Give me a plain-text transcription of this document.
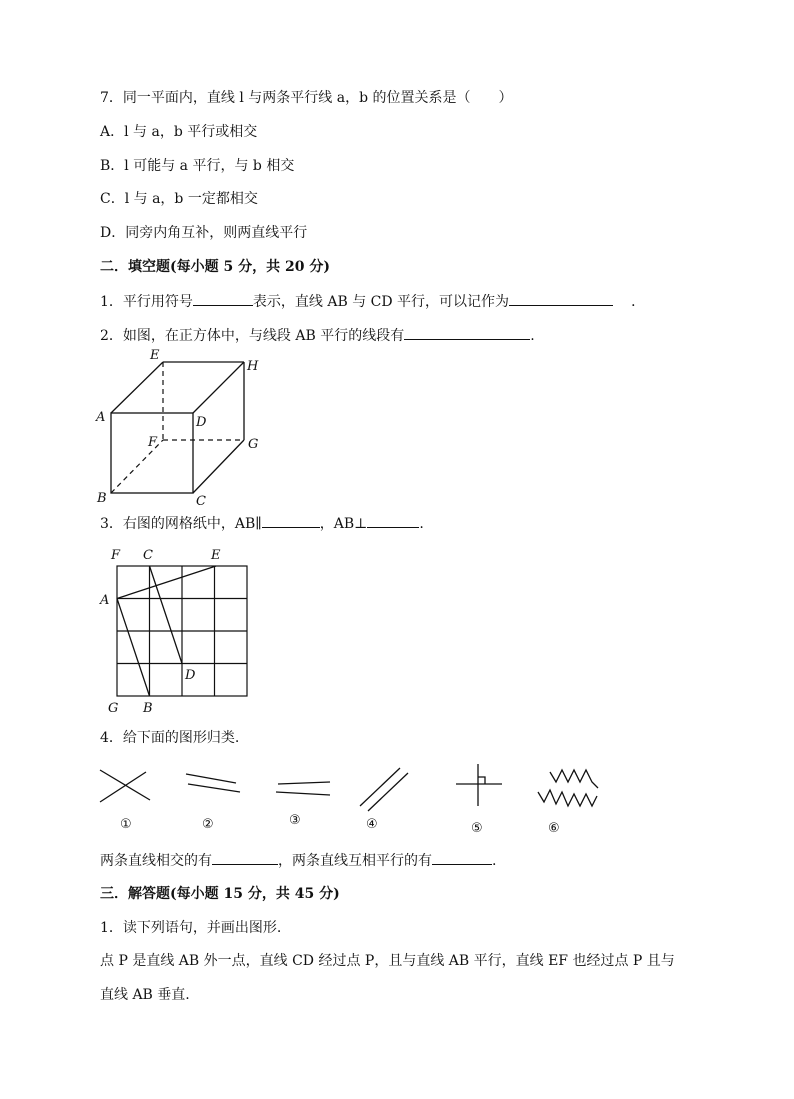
7．同一平面内，直线 l 与两条平行线 a，b 的位置关系是（　　）
A．l 与 a，b 平行或相交
B．l 可能与 a 平行，与 b 相交
C．l 与 a，b 一定都相交
D．同旁内角互补，则两直线平行
二．填空题(每小题 5 分，共 20 分)
1．平行用符号	表示，直线 AB 与 CD 平行，可以记作为	．
2．如图，在正方体中，与线段 AB 平行的线段有	.
E
H
A	D
F	G
B	C
3．右图的网格纸中，AB∥	，AB⊥	.
F C	E
A
D
G B
4．给下面的图形归类.
①	②	③	④	⑤	⑥
两条直线相交的有	，两条直线互相平行的有	.
三．解答题(每小题 15 分，共 45 分)
1．读下列语句，并画出图形.
点 P 是直线 AB 外一点，直线 CD 经过点 P，且与直线 AB 平行，直线 EF 也经过点 P 且与
直线 AB 垂直.
